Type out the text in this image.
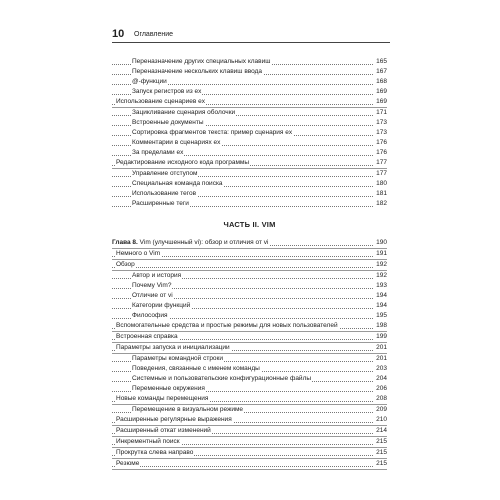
10 Оглавление
Переназначение других специальных клавиш	165
Переназначение нескольких клавиш ввода	167
@-функции	168
Запуск регистров из ex	169
Использование сценариев ex	169
Зацикливание сценария оболочки	171
Встроенные документы	173
Сортировка фрагментов текста: пример сценария ex	173
Комментарии в сценариях ex	176
За пределами ex	176
Редактирование исходного кода программы	177
Управление отступом	177
Специальная команда поиска	180
Использование тегов	181
Расширенные теги	182
ЧАСТЬ II. VIM
Глава 8. Vim (улучшенный vi): обзор и отличия от vi	190
Немного о Vim	191
Обзор	192
Автор и история	192
Почему Vim?	193
Отличие от vi	194
Категории функций	194
Философия	195
Вспомогательные средства и простые режимы для новых пользователей	198
Встроенная справка	199
Параметры запуска и инициализации	201
Параметры командной строки	201
Поведения, связанные с именем команды	203
Системные и пользовательские конфигурационные файлы	204
Переменные окружения	206
Новые команды перемещения	208
Перемещение в визуальном режиме	209
Расширенные регулярные выражения	210
Расширенный откат изменений	214
Инкрементный поиск	215
Прокрутка слева направо	215
Резюме	215
